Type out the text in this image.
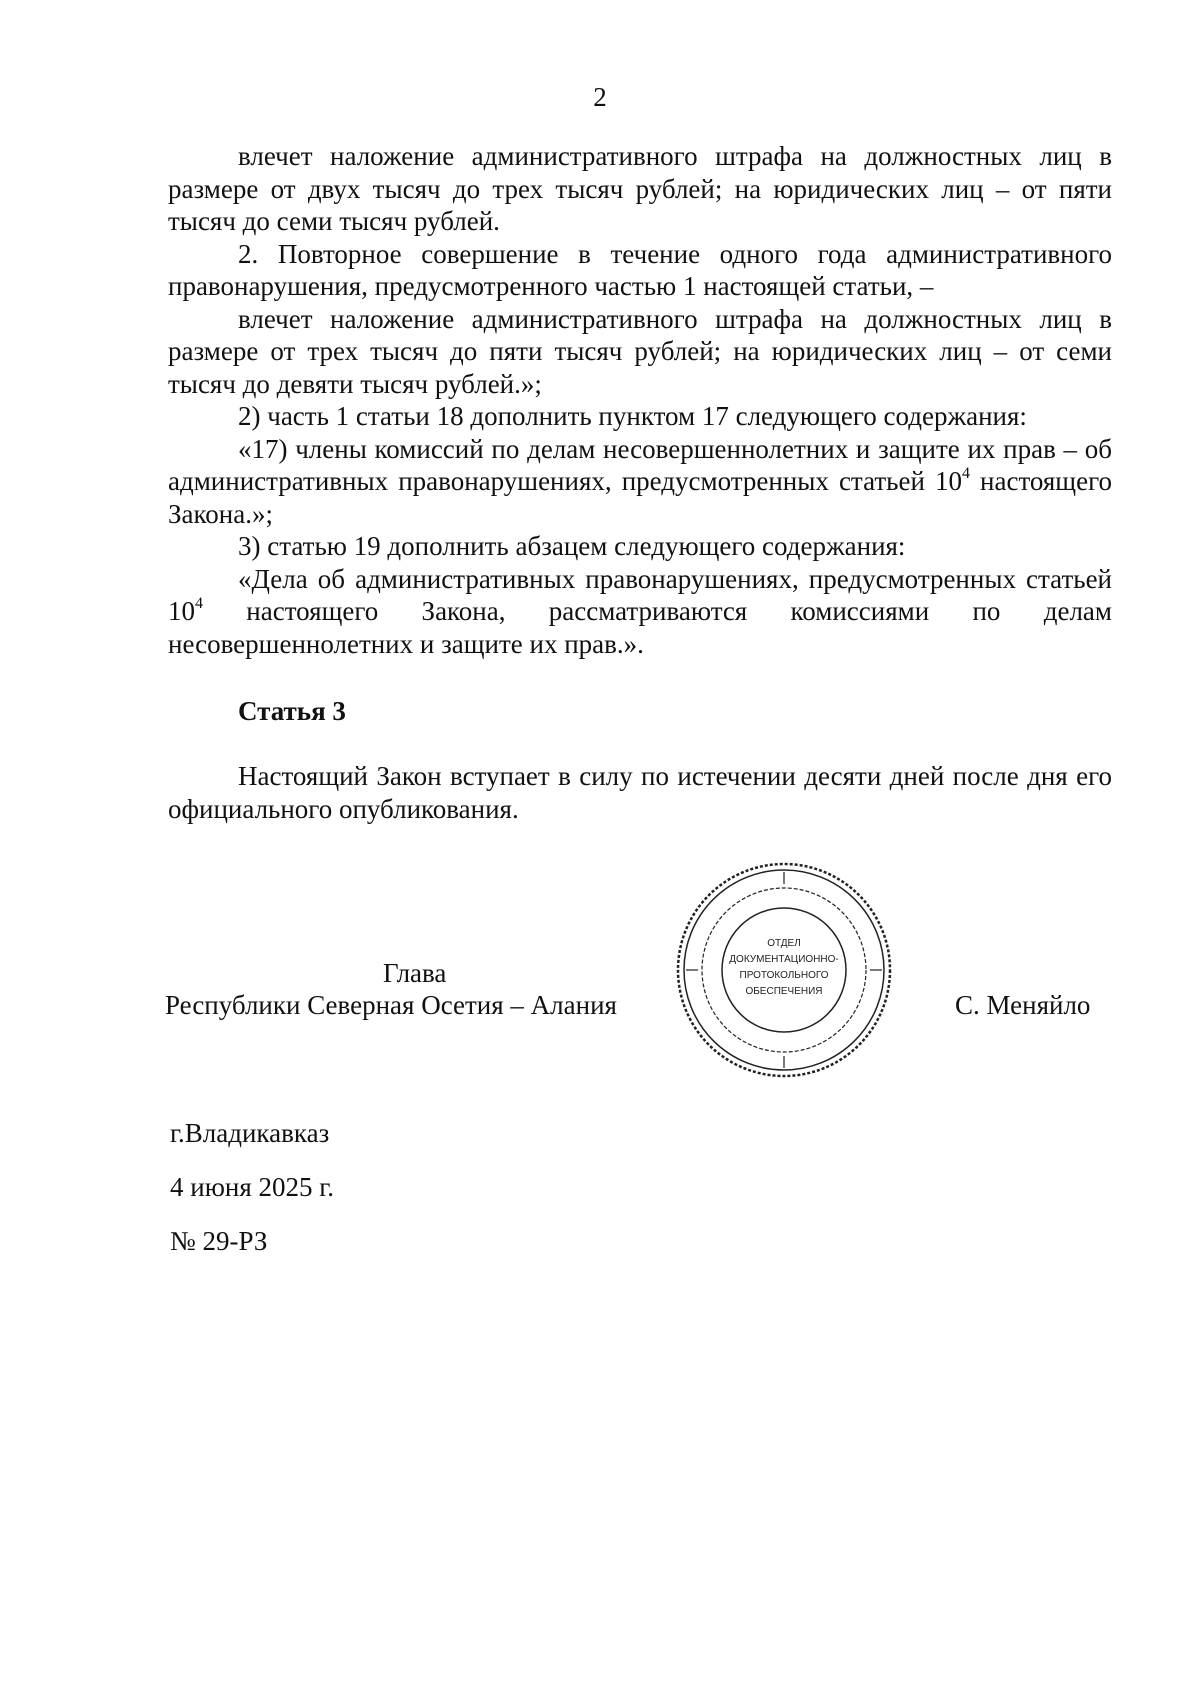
2

влечет наложение административного штрафа на должностных лиц в размере от двух тысяч до трех тысяч рублей; на юридических лиц – от пяти тысяч до семи тысяч рублей.

2. Повторное совершение в течение одного года административного правонарушения, предусмотренного частью 1 настоящей статьи, –

влечет наложение административного штрафа на должностных лиц в размере от трех тысяч до пяти тысяч рублей; на юридических лиц – от семи тысяч до девяти тысяч рублей.»;

2) часть 1 статьи 18 дополнить пунктом 17 следующего содержания:

«17) члены комиссий по делам несовершеннолетних и защите их прав – об административных правонарушениях, предусмотренных статьей $10^4$ настоящего Закона.»;

3) статью 19 дополнить абзацем следующего содержания:

«Дела об административных правонарушениях, предусмотренных статьей $10^4$ настоящего Закона, рассматриваются комиссиями по делам несовершеннолетних и защите их прав.».

Статья 3

Настоящий Закон вступает в силу по истечении десяти дней после дня его официального опубликования.

Глава
Республики Северная Осетия – Алания	С. Меняйло
ОТДЕЛ
ДОКУМЕНТАЦИОННО-
ПРОТОКОЛЬНОГО
ОБЕСПЕЧЕНИЯ
г.Владикавказ
4 июня 2025 г.
№ 29-РЗ
